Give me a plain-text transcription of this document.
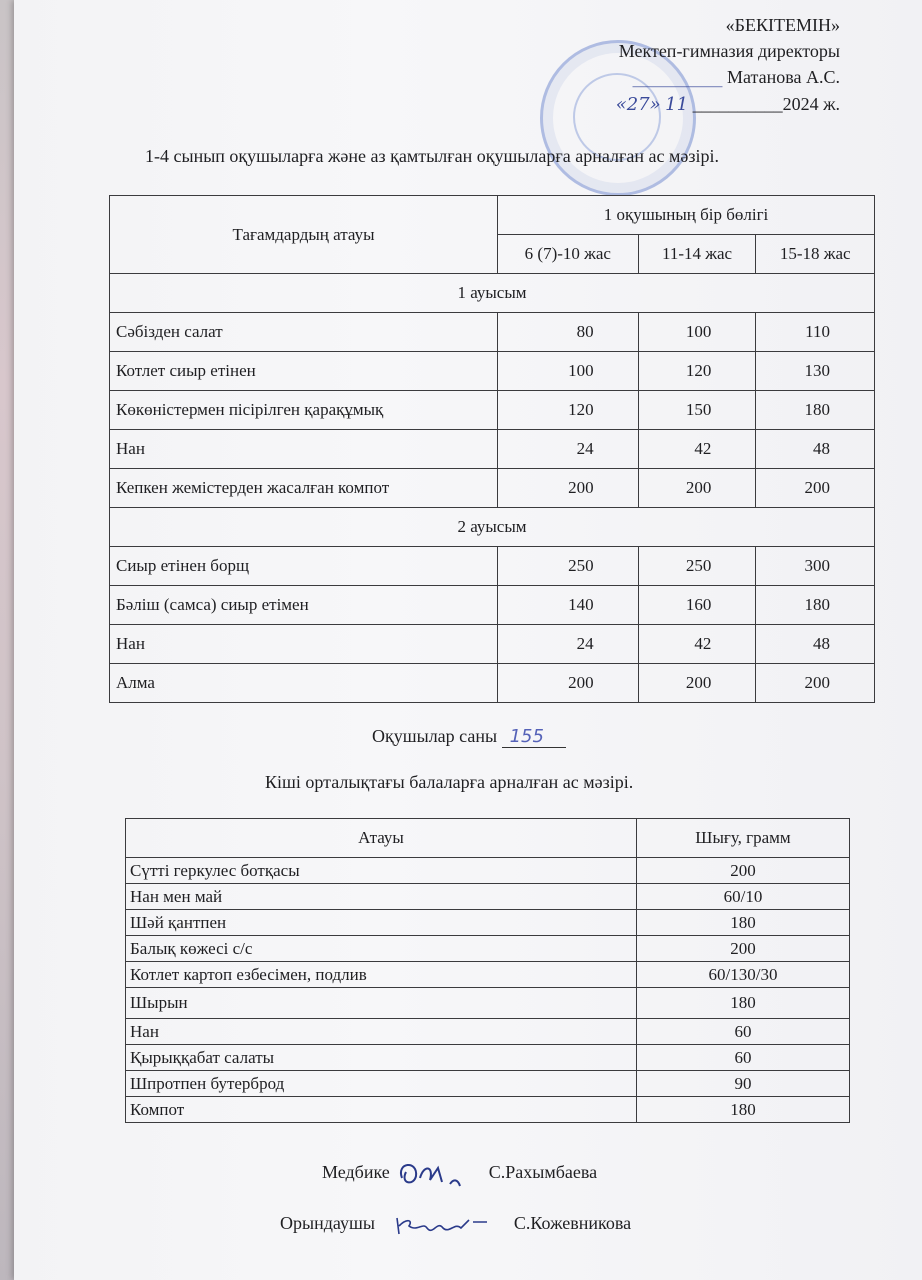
«БЕКІТЕМІН»
Мектеп-гимназия директоры
__________ Матанова А.С.
«27» 11 __________2024 ж.
1-4 сынып оқушыларға және аз қамтылған оқушыларға арналған ас мәзірі.
Тағамдардың атауы	1 оқушының бір бөлігі		
	6 (7)-10 жас	11-14 жас	15-18 жас
1 ауысым			
Сәбізден салат	80	100	110
Котлет сиыр етінен	100	120	130
Көкөністермен пісірілген қарақұмық	120	150	180
Нан	24	42	48
Кепкен жемістерден жасалған компот	200	200	200
2 ауысым			
Сиыр етінен борщ	250	250	300
Бәліш (самса) сиыр етімен	140	160	180
Нан	24	42	48
Алма	200	200	200
Оқушылар саны 155
Кіші орталықтағы балаларға арналған ас мәзірі.
Атауы	Шығу, грамм
Сүтті геркулес ботқасы	200
Нан мен май	60/10
Шәй қантпен	180
Балық көжесі с/с	200
Котлет картоп езбесімен, подлив	60/130/30
Шырын	180
Нан	60
Қырыққабат салаты	60
Шпротпен бутерброд	90
Компот	180
Медбике	С.Рахымбаева
Орындаушы	С.Кожевникова
